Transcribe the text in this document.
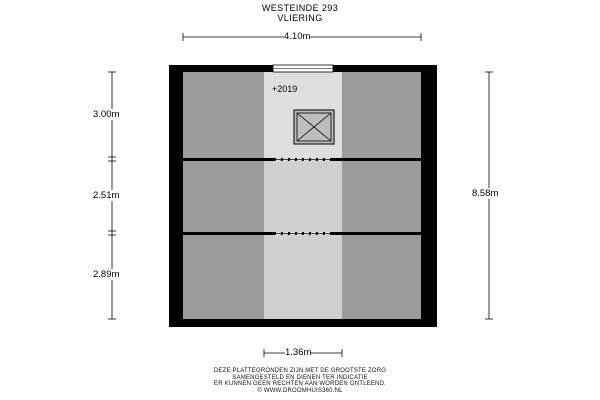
WESTEINDE 293
VLIERING
4.10m
1.36m
3.00m
2.51m
2.89m
8.58m
+2019
DEZE PLATTEGRONDEN ZIJN MET DE GROOTSTE ZORG
SAMENGESTELD EN DIENEN TER INDICATIE
ER KUNNEN GEEN RECHTEN AAN WORDEN ONTLEEND.
© WWW.DROOMHUIS360.NL
